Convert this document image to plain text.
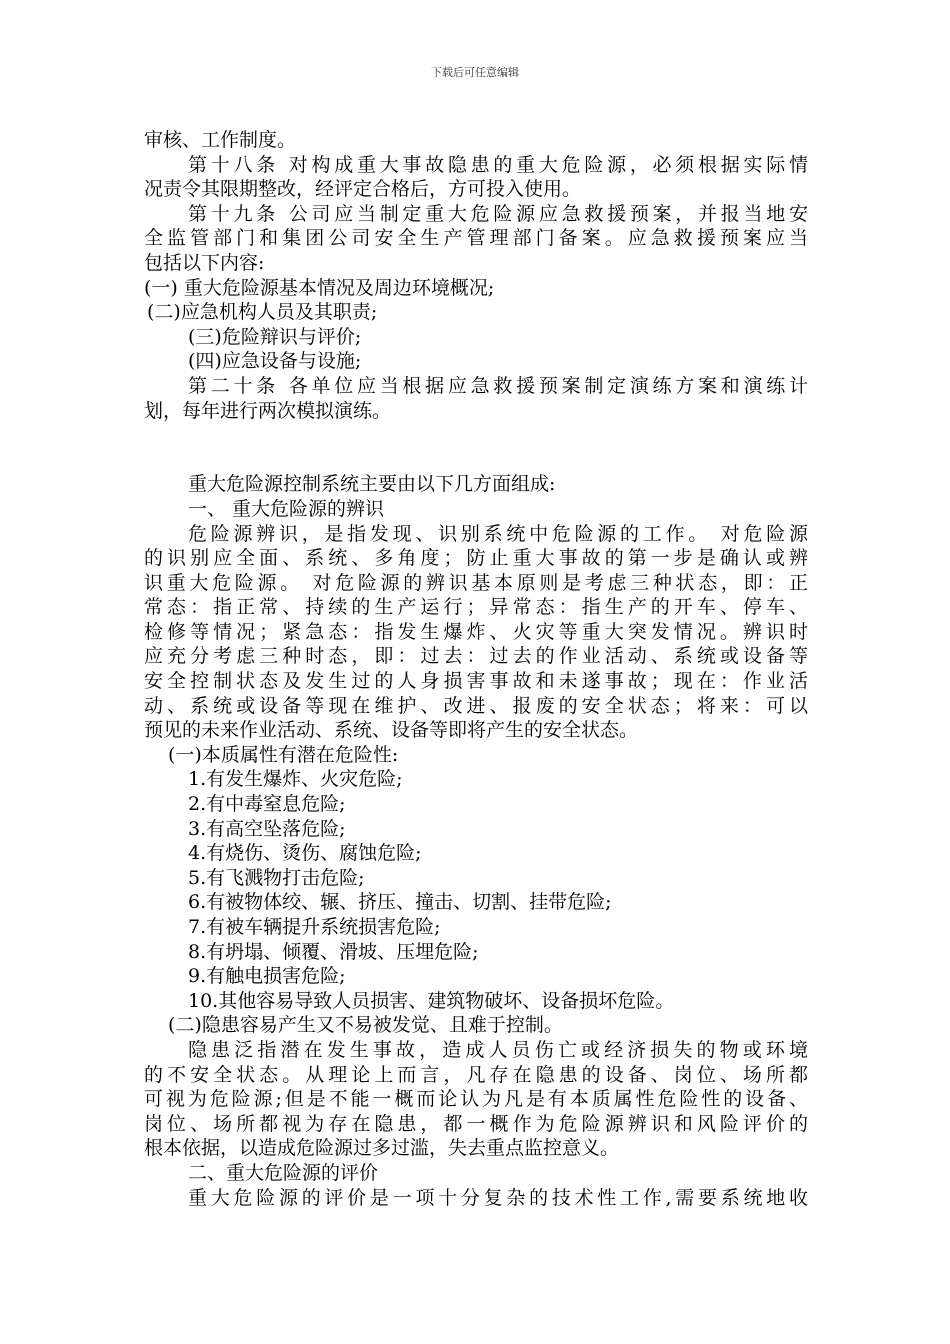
下载后可任意编辑
审核、工作制度。
第十八条 对构成重大事故隐患的重大危险源，必须根据实际情
况责令其限期整改，经评定合格后，方可投入使用。
第十九条 公司应当制定重大危险源应急救援预案，并报当地安
全监管部门和集团公司安全生产管理部门备案。应急救援预案应当
包括以下内容:
(一) 重大危险源基本情况及周边环境概况;
(二)应急机构人员及其职责;
(三)危险辩识与评价;
(四)应急设备与设施;
第二十条 各单位应当根据应急救援预案制定演练方案和演练计
划，每年进行两次模拟演练。
重大危险源控制系统主要由以下几方面组成:
一、 重大危险源的辨识
危险源辨识，是指发现、识别系统中危险源的工作。 对危险源
的识别应全面、系统、多角度；防止重大事故的第一步是确认或辨
识重大危险源。 对危险源的辨识基本原则是考虑三种状态，即：正
常态：指正常、持续的生产运行；异常态：指生产的开车、停车、
检修等情况；紧急态：指发生爆炸、火灾等重大突发情况。辨识时
应充分考虑三种时态，即：过去：过去的作业活动、系统或设备等
安全控制状态及发生过的人身损害事故和未遂事故；现在：作业活
动、系统或设备等现在维护、改进、报废的安全状态；将来：可以
预见的未来作业活动、系统、设备等即将产生的安全状态。
(一)本质属性有潜在危险性:
1.有发生爆炸、火灾危险;
2.有中毒窒息危险;
3.有高空坠落危险;
4.有烧伤、烫伤、腐蚀危险;
5.有飞溅物打击危险;
6.有被物体绞、辗、挤压、撞击、切割、挂带危险;
7.有被车辆提升系统损害危险;
8.有坍塌、倾覆、滑坡、压埋危险;
9.有触电损害危险;
10.其他容易导致人员损害、建筑物破坏、设备损坏危险。
(二)隐患容易产生又不易被发觉、且难于控制。
隐患泛指潜在发生事故，造成人员伤亡或经济损失的物或环境
的不安全状态。从理论上而言，凡存在隐患的设备、岗位、场所都
可视为危险源;但是不能一概而论认为凡是有本质属性危险性的设备、
岗位、场所都视为存在隐患，都一概作为危险源辨识和风险评价的
根本依据，以造成危险源过多过滥，失去重点监控意义。
二、重大危险源的评价
重大危险源的评价是一项十分复杂的技术性工作,需要系统地收
